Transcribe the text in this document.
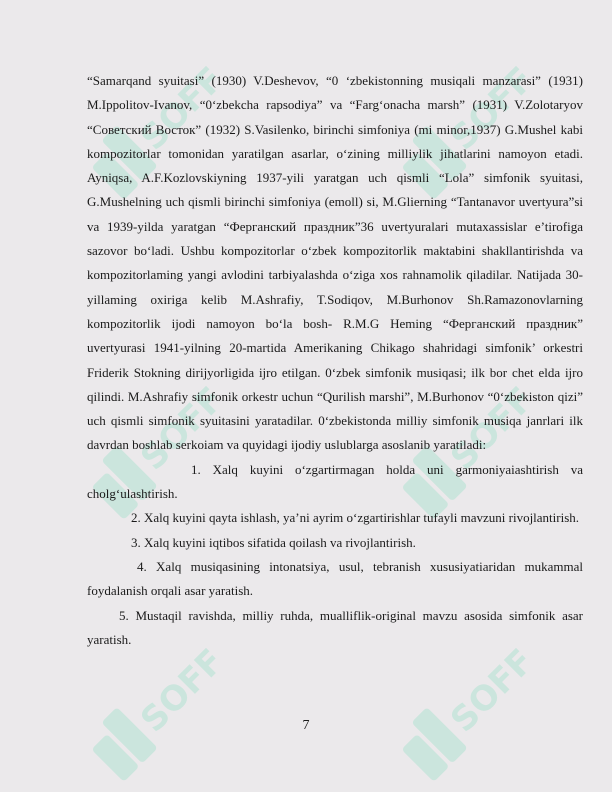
SOFF	SOFF
SOFF	SOFF
SOFF	SOFF

“Samarqand syuitasi” (1930) V.Deshevov, “0 ‘zbekistonning musiqali manzarasi” (1931) M.Ippolitov-Ivanov, “0‘zbekcha rapsodiya” va “Farg‘onacha marsh” (1931) V.Zolotaryov “Советский Восток” (1932) S.Vasilenko, birinchi simfoniya (mi minor,1937) G.Mushel kabi kompozitorlar tomonidan yaratilgan asarlar, o‘zining milliylik jihatlarini namoyon etadi. Ayniqsa, A.F.Kozlovskiyning 1937-yili yaratgan uch qismli “Lola” simfonik syuitasi, G.Mushelning uch qismli birinchi simfoniya (emoll) si, M.Glierning “Tantanavor uvertyura”si va 1939-yilda yaratgan “Ферганский праздник”36 uvertyuralari mutaxassislar e’tirofiga sazovor bo‘ladi. Ushbu kompozitorlar o‘zbek kompozitorlik maktabini shakllantirishda va kompozitorlaming yangi avlodini tarbiyalashda o‘ziga xos rahnamolik qiladilar. Natijada 30-yillaming oxiriga kelib M.Ashrafiy, T.Sodiqov, M.Burhonov Sh.Ramazonovlarning kompozitorlik ijodi namoyon bo‘la bosh- R.M.G Heming “Ферганский праздник” uvertyurasi 1941-yilning 20-martida Amerikaning Chikago shahridagi simfonik’ orkestri Friderik Stokning dirijyorligida ijro etilgan. 0‘zbek simfonik musiqasi; ilk bor chet elda ijro qilindi. M.Ashrafiy simfonik orkestr uchun “Qurilish marshi”, M.Burhonov “0‘zbekiston qizi” uch qismli simfonik syuitasini yaratadilar. 0‘zbekistonda milliy simfonik musiqa janrlari ilk davrdan boshlab serkoiam va quyidagi ijodiy uslublarga asoslanib yaratiladi:

1. Xalq kuyini o‘zgartirmagan holda uni garmoniyaiashtirish va cholg‘ulashtirish.

2. Xalq kuyini qayta ishlash, ya’ni ayrim o‘zgartirishlar tufayli mavzuni rivojlantirish.

3. Xalq kuyini iqtibos sifatida qoilash va rivojlantirish.

4. Xalq musiqasining intonatsiya, usul, tebranish xususiyatiaridan mukammal foydalanish orqali asar yaratish.

5. Mustaqil ravishda, milliy ruhda, mualliflik-original mavzu asosida simfonik asar yaratish.

7
